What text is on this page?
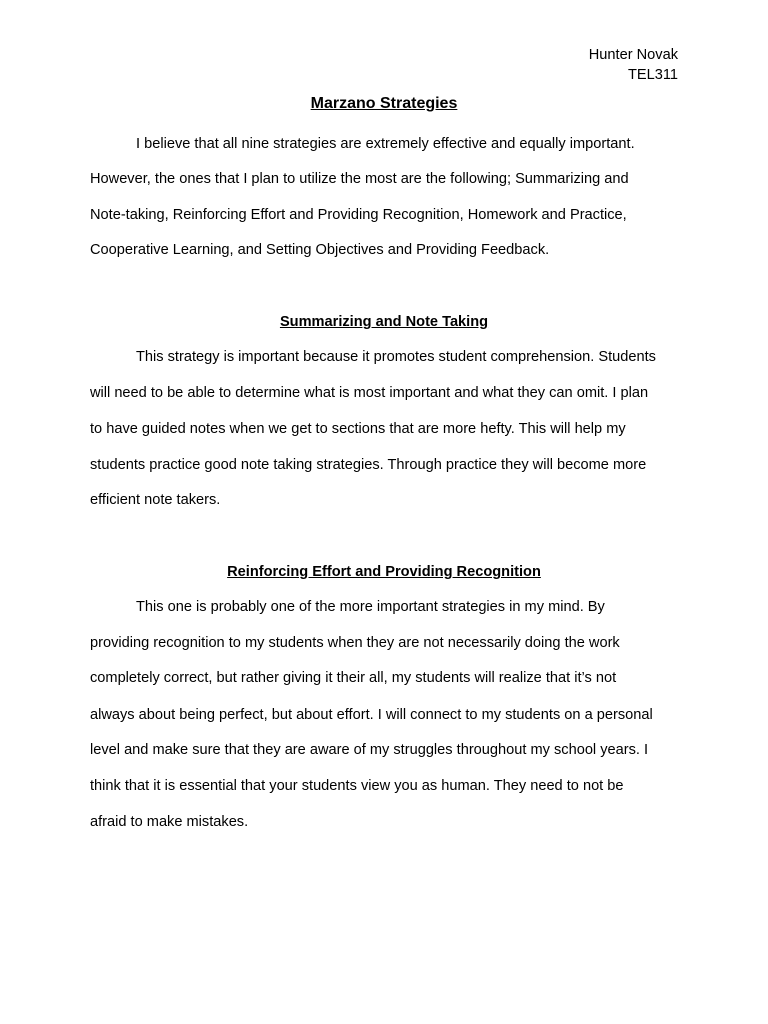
Hunter Novak
TEL311
Marzano Strategies
I believe that all nine strategies are extremely effective and equally important.
However, the ones that I plan to utilize the most are the following; Summarizing and
Note-taking, Reinforcing Effort and Providing Recognition, Homework and Practice,
Cooperative Learning, and Setting Objectives and Providing Feedback.
Summarizing and Note Taking
This strategy is important because it promotes student comprehension. Students
will need to be able to determine what is most important and what they can omit. I plan
to have guided notes when we get to sections that are more hefty. This will help my
students practice good note taking strategies. Through practice they will become more
efficient note takers.
Reinforcing Effort and Providing Recognition
This one is probably one of the more important strategies in my mind. By
providing recognition to my students when they are not necessarily doing the work
completely correct, but rather giving it their all, my students will realize that it’s not
always about being perfect, but about effort. I will connect to my students on a personal
level and make sure that they are aware of my struggles throughout my school years. I
think that it is essential that your students view you as human. They need to not be
afraid to make mistakes.
